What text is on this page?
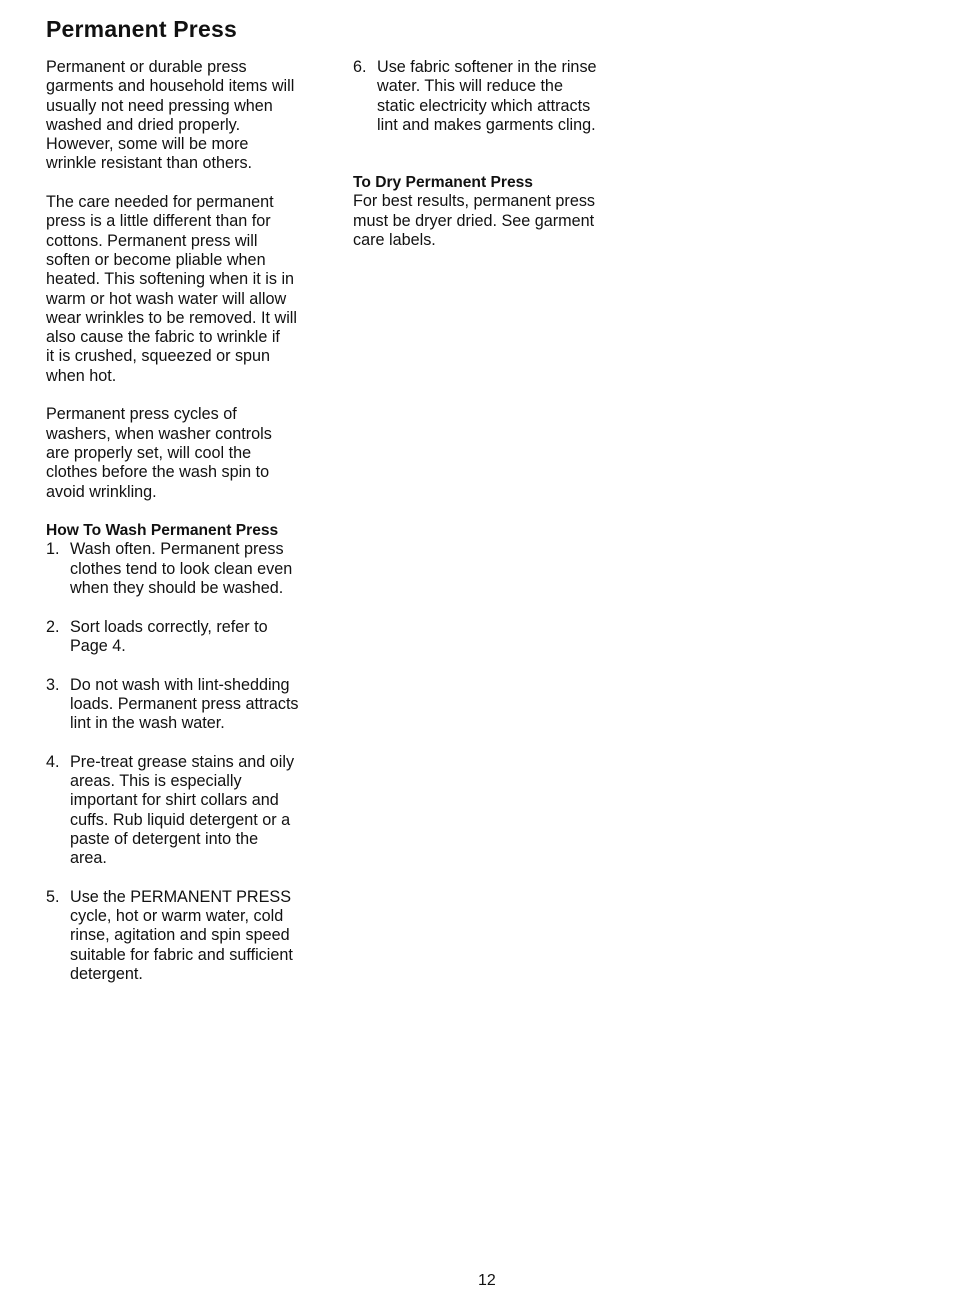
Permanent Press

Permanent or durable press
garments and household items will
usually not need pressing when
washed and dried properly.
However, some will be more
wrinkle resistant than others.

The care needed for permanent
press is a little different than for
cottons. Permanent press will
soften or become pliable when
heated. This softening when it is in
warm or hot wash water will allow
wear wrinkles to be removed. It will
also cause the fabric to wrinkle if
it is crushed, squeezed or spun
when hot.

Permanent press cycles of
washers, when washer controls
are properly set, will cool the
clothes before the wash spin to
avoid wrinkling.

How To Wash Permanent Press
1. Wash often. Permanent press
clothes tend to look clean even
when they should be washed.
2. Sort loads correctly, refer to
Page 4.
3. Do not wash with lint-shedding
loads. Permanent press attracts
lint in the wash water.
4. Pre-treat grease stains and oily
areas. This is especially
important for shirt collars and
cuffs. Rub liquid detergent or a
paste of detergent into the
area.
5. Use the PERMANENT PRESS
cycle, hot or warm water, cold
rinse, agitation and spin speed
suitable for fabric and sufficient
detergent.
6. Use fabric softener in the rinse
water. This will reduce the
static electricity which attracts
lint and makes garments cling.
To Dry Permanent Press

For best results, permanent press
must be dryer dried. See garment
care labels.

12
